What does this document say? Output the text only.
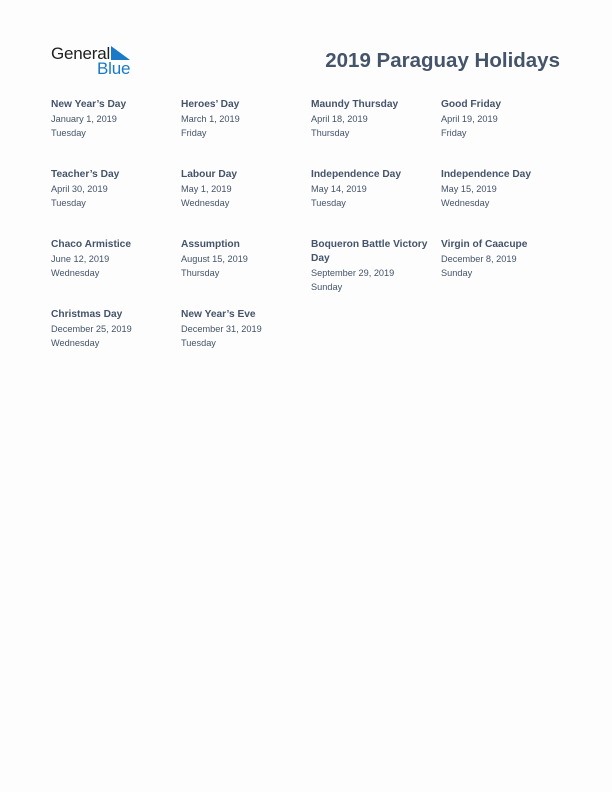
General
Blue	2019 Paraguay Holidays
New Year’s Day
January 1, 2019
Tuesday
Heroes’ Day
March 1, 2019
Friday
Maundy Thursday
April 18, 2019
Thursday
Good Friday
April 19, 2019
Friday
Teacher’s Day
April 30, 2019
Tuesday
Labour Day
May 1, 2019
Wednesday
Independence Day
May 14, 2019
Tuesday
Independence Day
May 15, 2019
Wednesday
Chaco Armistice
June 12, 2019
Wednesday
Assumption
August 15, 2019
Thursday
Boqueron Battle Victory Day
September 29, 2019
Sunday
Virgin of Caacupe
December 8, 2019
Sunday
Christmas Day
December 25, 2019
Wednesday
New Year’s Eve
December 31, 2019
Tuesday
